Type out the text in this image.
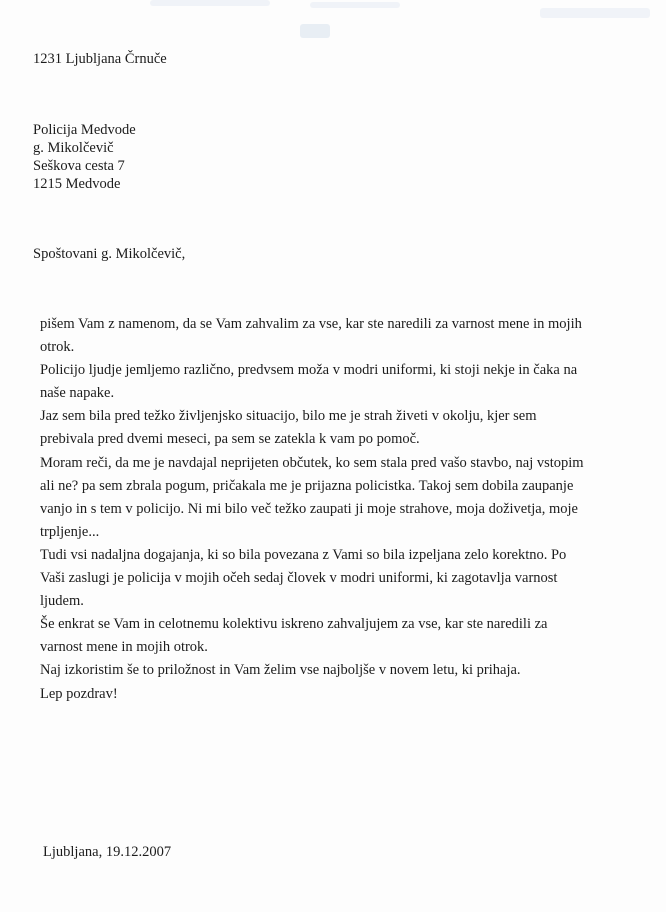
1231 Ljubljana Črnuče
Policija Medvode
g. Mikolčevič
Seškova cesta 7
1215 Medvode
Spoštovani g. Mikolčevič,
pišem Vam z namenom, da se Vam zahvalim za vse, kar ste naredili za varnost mene in mojih
otrok.
Policijo ljudje jemljemo različno, predvsem moža v modri uniformi, ki stoji nekje in čaka na
naše napake.
Jaz sem bila pred težko življenjsko situacijo, bilo me je strah živeti v okolju, kjer sem
prebivala pred dvemi meseci, pa sem se zatekla k vam po pomoč.
Moram reči, da me je navdajal neprijeten občutek, ko sem stala pred vašo stavbo, naj vstopim
ali ne? pa sem zbrala pogum, pričakala me je prijazna policistka. Takoj sem dobila zaupanje
vanjo in s tem v policijo. Ni mi bilo več težko zaupati ji moje strahove, moja doživetja, moje
trpljenje...
Tudi vsi nadaljna dogajanja, ki so bila povezana z Vami so bila izpeljana zelo korektno. Po
Vaši zaslugi je policija v mojih očeh sedaj človek v modri uniformi, ki zagotavlja varnost
ljudem.
Še enkrat se Vam in celotnemu kolektivu iskreno zahvaljujem za vse, kar ste naredili za
varnost mene in mojih otrok.
Naj izkoristim še to priložnost in Vam želim vse najboljše v novem letu, ki prihaja.
Lep pozdrav!
Ljubljana, 19.12.2007
